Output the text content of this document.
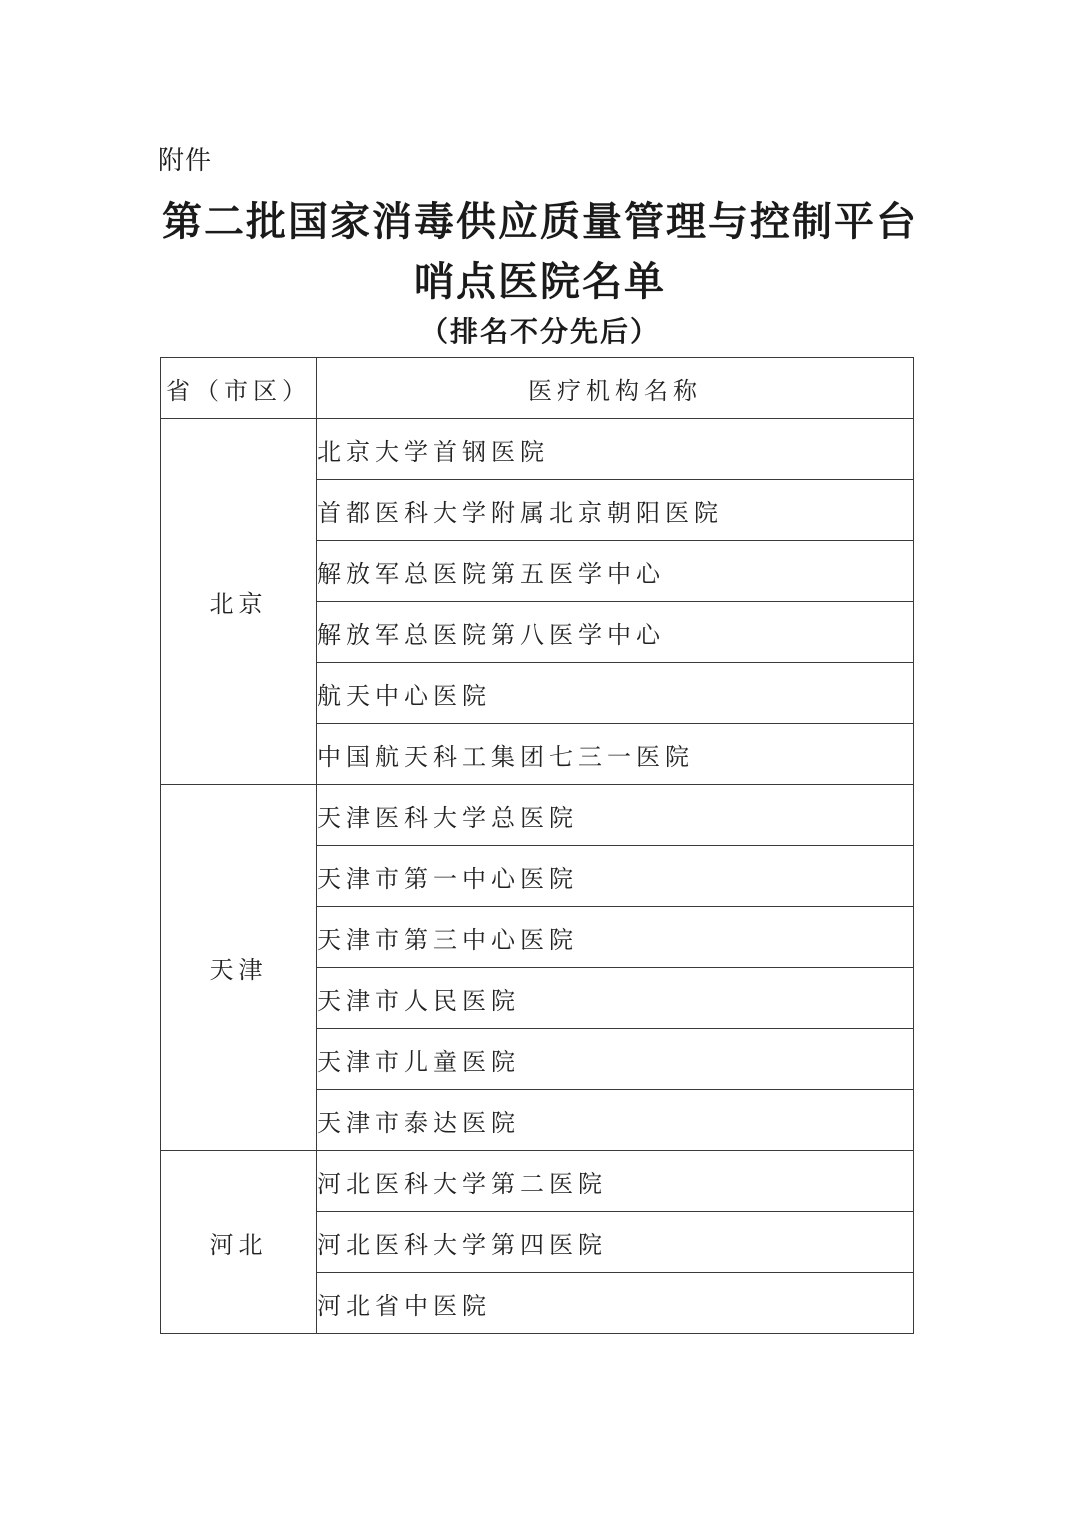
附件
第二批国家消毒供应质量管理与控制平台
哨点医院名单
（排名不分先后）
省（市区）	医疗机构名称
北京	北京大学首钢医院
	首都医科大学附属北京朝阳医院
	解放军总医院第五医学中心
	解放军总医院第八医学中心
	航天中心医院
	中国航天科工集团七三一医院
天津	天津医科大学总医院
	天津市第一中心医院
	天津市第三中心医院
	天津市人民医院
	天津市儿童医院
	天津市泰达医院
河北	河北医科大学第二医院
	河北医科大学第四医院
	河北省中医院
